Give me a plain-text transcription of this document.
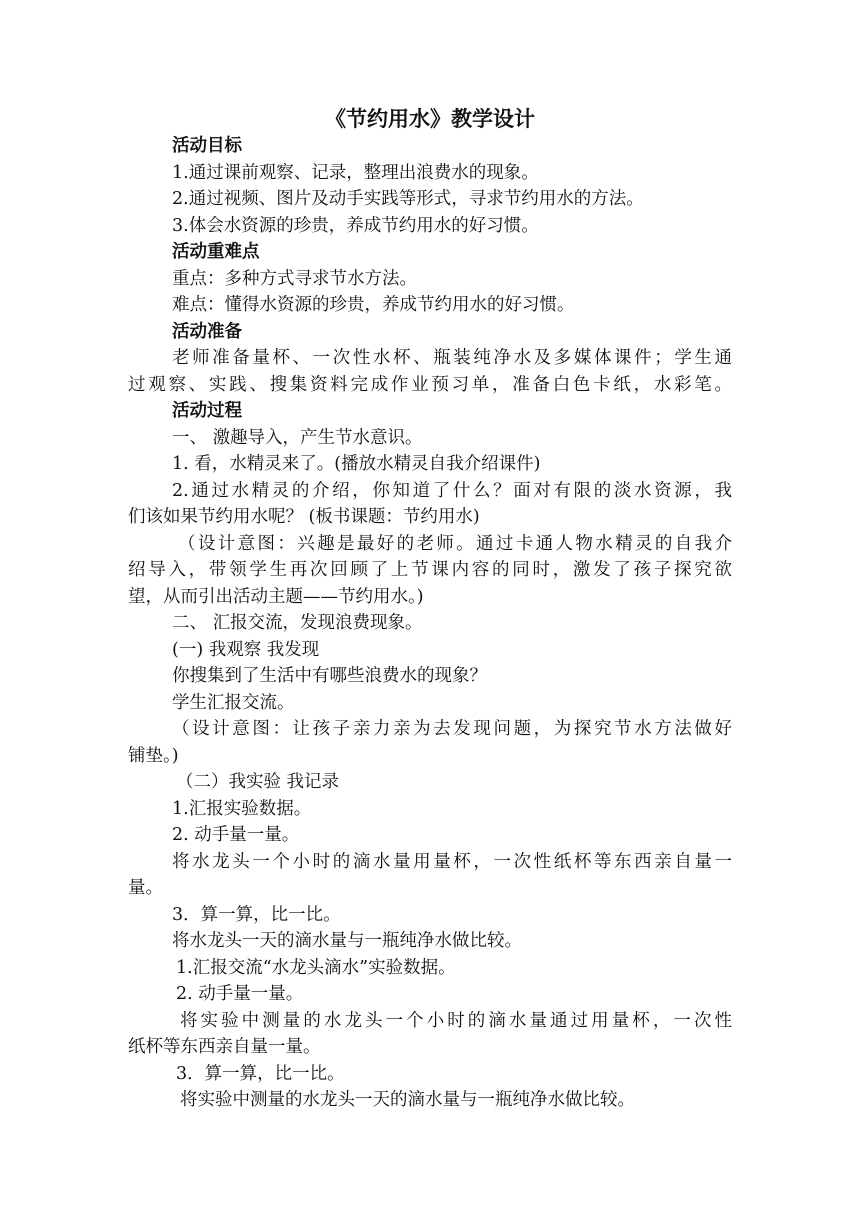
《节约用水》教学设计
活动目标
1.通过课前观察、记录，整理出浪费水的现象。
2.通过视频、图片及动手实践等形式，寻求节约用水的方法。
3.体会水资源的珍贵，养成节约用水的好习惯。
活动重难点
重点：多种方式寻求节水方法。
难点：懂得水资源的珍贵，养成节约用水的好习惯。
活动准备
老师准备量杯、一次性水杯、瓶装纯净水及多媒体课件；学生通
过观察、实践、搜集资料完成作业预习单，准备白色卡纸，水彩笔。
活动过程
一、 激趣导入，产生节水意识。
1. 看，水精灵来了。(播放水精灵自我介绍课件)
2.通过水精灵的介绍，你知道了什么？面对有限的淡水资源，我
们该如果节约用水呢？ (板书课题：节约用水)
（设计意图：兴趣是最好的老师。通过卡通人物水精灵的自我介
绍导入，带领学生再次回顾了上节课内容的同时，激发了孩子探究欲
望，从而引出活动主题——节约用水。)
二、 汇报交流，发现浪费现象。
(一) 我观察 我发现
你搜集到了生活中有哪些浪费水的现象？
学生汇报交流。
（设计意图：让孩子亲力亲为去发现问题，为探究节水方法做好
铺垫。)
（二）我实验 我记录
1.汇报实验数据。
2. 动手量一量。
将水龙头一个小时的滴水量用量杯，一次性纸杯等东西亲自量一
量。
3．算一算，比一比。
将水龙头一天的滴水量与一瓶纯净水做比较。
1.汇报交流“水龙头滴水”实验数据。
2. 动手量一量。
将实验中测量的水龙头一个小时的滴水量通过用量杯，一次性
纸杯等东西亲自量一量。
3．算一算，比一比。
将实验中测量的水龙头一天的滴水量与一瓶纯净水做比较。
